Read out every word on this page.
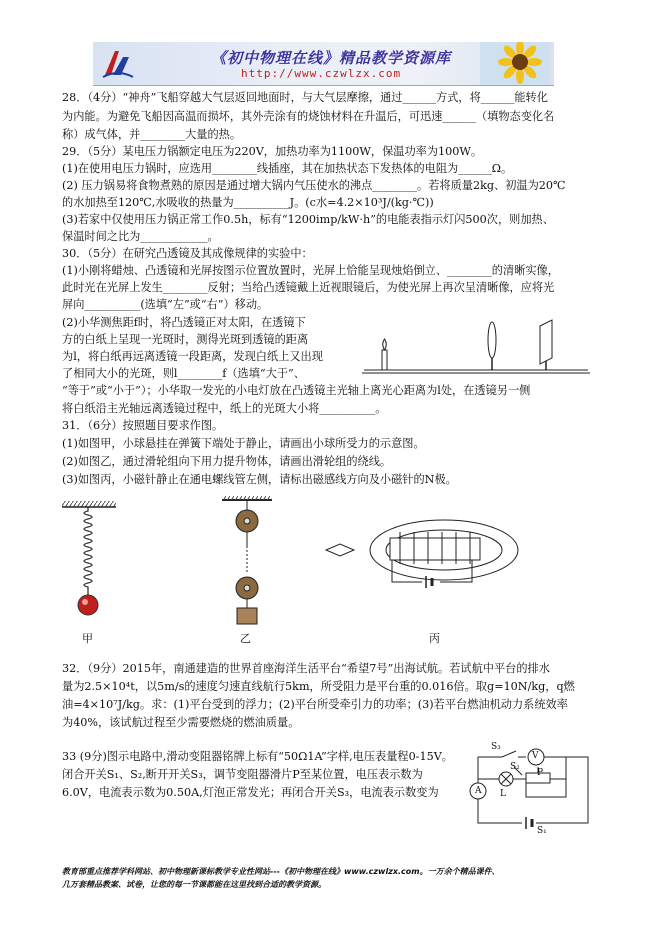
《初中物理在线》精品教学资源库
http://www.czwlzx.com
28．（4分）“神舟”飞船穿越大气层返回地面时，与大气层摩擦，通过______方式，将______能转化
为内能。为避免飞船因高温而损坏，其外壳涂有的烧蚀材料在升温后，可迅速______（填物态变化名
称）成气体，并________大量的热。
29．（5分）某电压力锅额定电压为220V，加热功率为1100W，保温功率为100W。
(1)在使用电压力锅时，应选用________线插座，其在加热状态下发热体的电阻为______Ω。
(2) 压力锅易将食物煮熟的原因是通过增大锅内气压使水的沸点________。若将质量2kg、初温为20℃
的水加热至120℃,水吸收的热量为__________J。(c水=4.2×10³J/(kg·℃))
(3)若家中仅使用压力锅正常工作0.5h，标有“1200imp/kW·h”的电能表指示灯闪500次，则加热、
保温时间之比为____________。
30．（5分）在研究凸透镜及其成像规律的实验中：
(1)小刚将蜡烛、凸透镜和光屏按图示位置放置时，光屏上恰能呈现烛焰倒立、________的清晰实像，
此时光在光屏上发生________反射；当给凸透镜戴上近视眼镜后，为使光屏上再次呈清晰像，应将光
屏向__________(选填“左”或“右”）移动。
(2)小华测焦距f时，将凸透镜正对太阳，在透镜下
方的白纸上呈现一光斑时，测得光斑到透镜的距离
为l，将白纸再远离透镜一段距离，发现白纸上又出现
了相同大小的光斑，则l________f（选填“大于”、
“等于”或“小于”）；小华取一发光的小电灯放在凸透镜主光轴上离光心距离为l处，在透镜另一侧
将白纸沿主光轴远离透镜过程中，纸上的光斑大小将__________。
31．（6分）按照题目要求作图。
(1)如图甲，小球悬挂在弹簧下端处于静止，请画出小球所受力的示意图。
(2)如图乙，通过滑轮组向下用力提升物体，请画出滑轮组的绕线。
(3)如图丙，小磁针静止在通电螺线管左侧，请标出磁感线方向及小磁针的N极。
甲	乙	丙
32．（9分）2015年，南通建造的世界首座海洋生活平台“希望7号”出海试航。若试航中平台的排水
量为2.5×10⁴t，以5m/s的速度匀速直线航行5km，所受阻力是平台重的0.016倍。取g=10N/kg，q燃
油=4×10⁷J/kg。求：(1)平台受到的浮力；(2)平台所受牵引力的功率；(3)若平台燃油机动力系统效率
为40%，该试航过程至少需要燃烧的燃油质量。
33 (9分)图示电路中,滑动变阻器铭牌上标有“50Ω1A”字样,电压表量程0-15V。
闭合开关S₁、S₂,断开开关S₃，调节变阻器滑片P至某位置，电压表示数为
6.0V，电流表示数为0.50A,灯泡正常发光；再闭合开关S₃，电流表示数变为
S₃
V
S₂
P
L
A
S₁
教育部重点推荐学科网站、初中物理新课标教学专业性网站---《初中物理在线》www.czwlzx.com。一万余个精品课件、
几万套精品教案、试卷，让您的每一节课都能在这里找到合适的教学资源。
